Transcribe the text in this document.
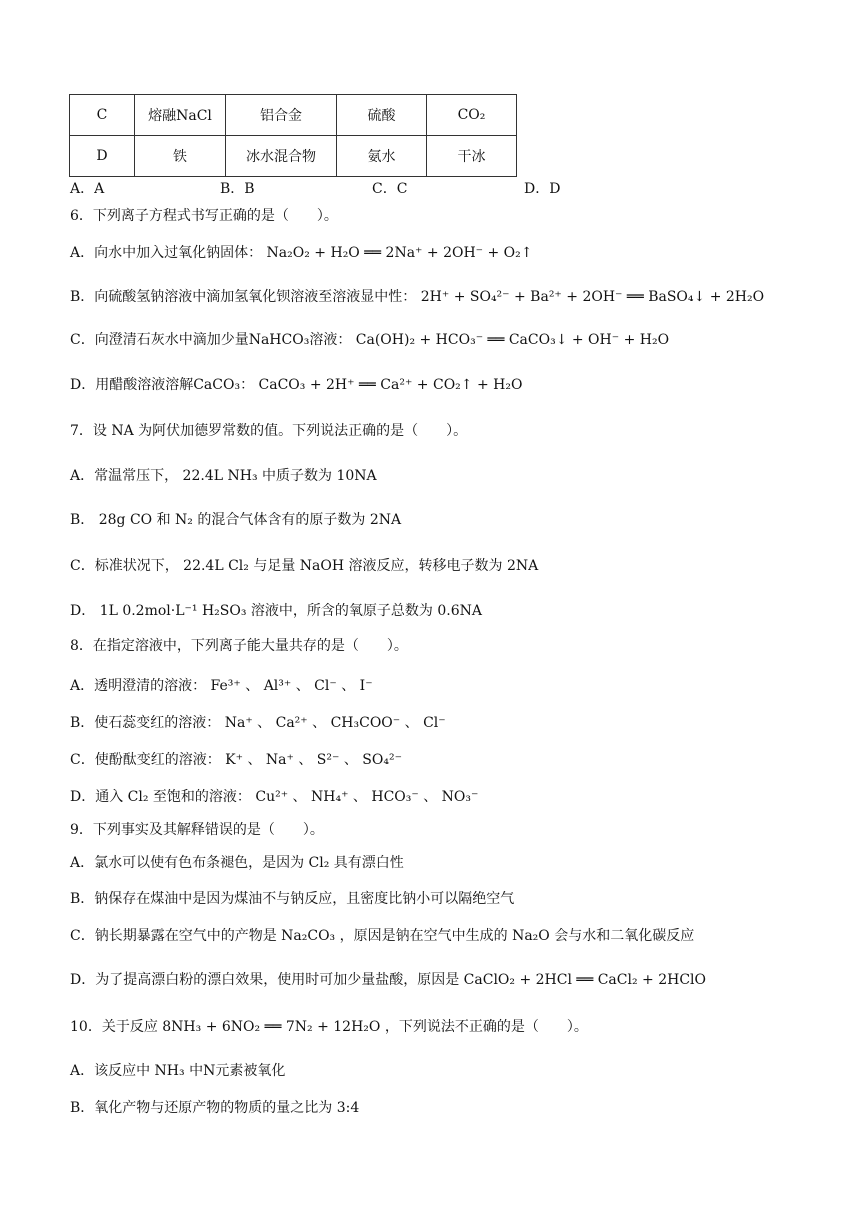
C	熔融NaCl	铝合金	硫酸	CO₂
D	铁	冰水混合物	氨水	干冰
A．A	B．B	C．C	D．D
6．下列离子方程式书写正确的是（　　）。
A．向水中加入过氧化钠固体： Na₂O₂ + H₂O ══ 2Na⁺ + 2OH⁻ + O₂↑
B．向硫酸氢钠溶液中滴加氢氧化钡溶液至溶液显中性： 2H⁺ + SO₄²⁻ + Ba²⁺ + 2OH⁻ ══ BaSO₄↓ + 2H₂O
C．向澄清石灰水中滴加少量NaHCO₃溶液： Ca(OH)₂ + HCO₃⁻ ══ CaCO₃↓ + OH⁻ + H₂O
D．用醋酸溶液溶解CaCO₃： CaCO₃ + 2H⁺ ══ Ca²⁺ + CO₂↑ + H₂O
7．设 NA 为阿伏加德罗常数的值。下列说法正确的是（　　）。
A．常温常压下， 22.4L NH₃ 中质子数为 10NA
B． 28g CO 和 N₂ 的混合气体含有的原子数为 2NA
C．标准状况下， 22.4L Cl₂ 与足量 NaOH 溶液反应，转移电子数为 2NA
D． 1L 0.2mol·L⁻¹ H₂SO₃ 溶液中，所含的氧原子总数为 0.6NA
8．在指定溶液中，下列离子能大量共存的是（　　）。
A．透明澄清的溶液： Fe³⁺ 、 Al³⁺ 、 Cl⁻ 、 I⁻
B．使石蕊变红的溶液： Na⁺ 、 Ca²⁺ 、 CH₃COO⁻ 、 Cl⁻
C．使酚酞变红的溶液： K⁺ 、 Na⁺ 、 S²⁻ 、 SO₄²⁻
D．通入 Cl₂ 至饱和的溶液： Cu²⁺ 、 NH₄⁺ 、 HCO₃⁻ 、 NO₃⁻
9．下列事实及其解释错误的是（　　）。
A．氯水可以使有色布条褪色，是因为 Cl₂ 具有漂白性
B．钠保存在煤油中是因为煤油不与钠反应，且密度比钠小可以隔绝空气
C．钠长期暴露在空气中的产物是 Na₂CO₃ ，原因是钠在空气中生成的 Na₂O 会与水和二氧化碳反应
D．为了提高漂白粉的漂白效果，使用时可加少量盐酸，原因是 CaClO₂ + 2HCl ══ CaCl₂ + 2HClO
10．关于反应 8NH₃ + 6NO₂ ══ 7N₂ + 12H₂O ，下列说法不正确的是（　　）。
A．该反应中 NH₃ 中N元素被氧化
B．氧化产物与还原产物的物质的量之比为 3:4
